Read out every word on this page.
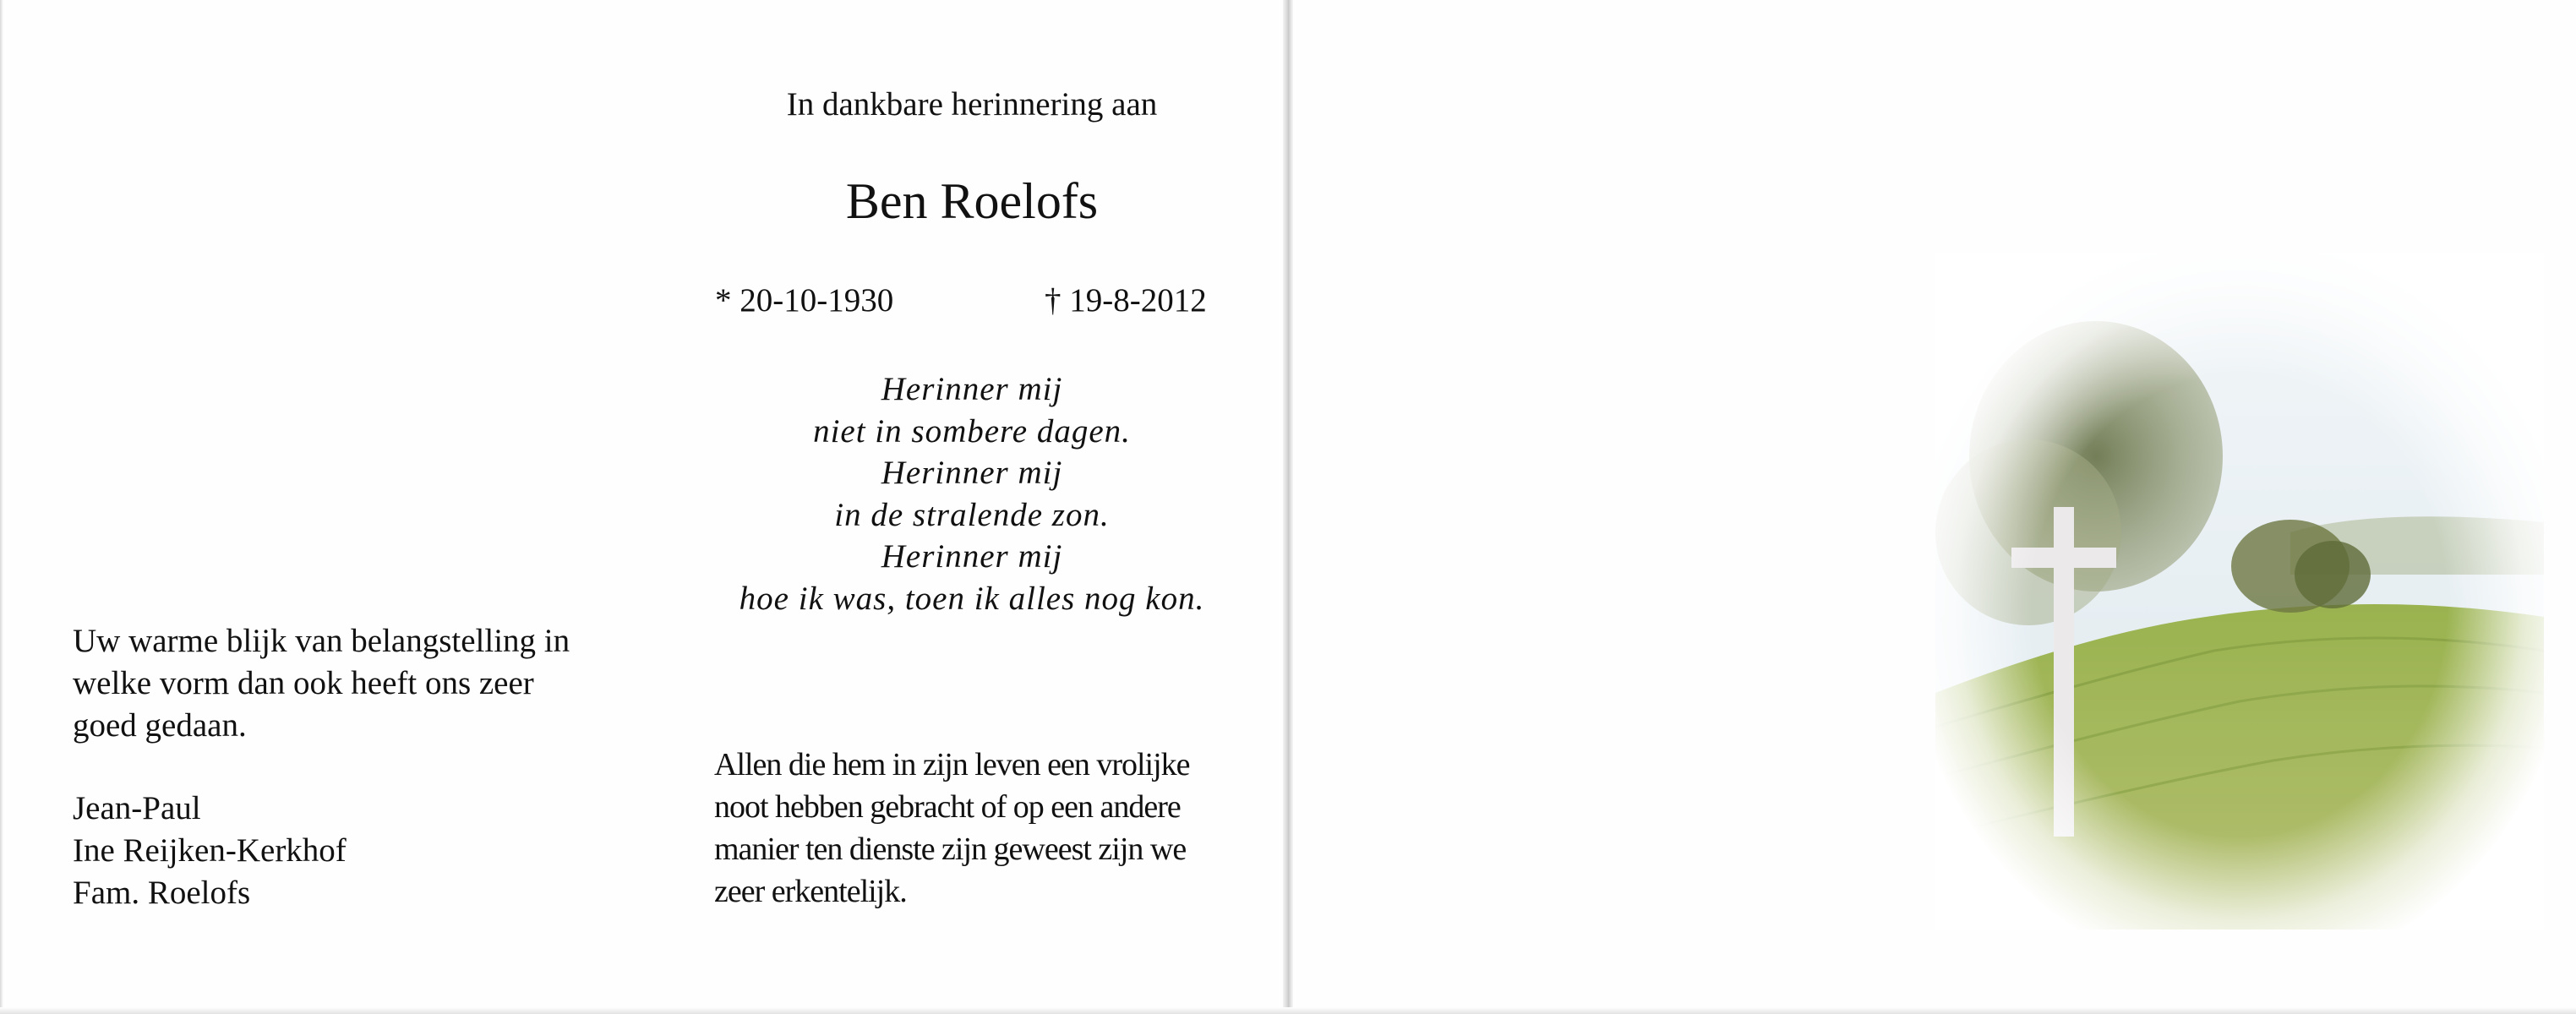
In dankbare herinnering aan
Ben Roelofs
* 20-10-1930	† 19-8-2012
Herinner mij
niet in sombere dagen.
Herinner mij
in de stralende zon.
Herinner mij
hoe ik was, toen ik alles nog kon.
Allen die hem in zijn leven een vrolijke
noot hebben gebracht of op een andere
manier ten dienste zijn geweest zijn we
zeer erkentelijk.
Uw warme blijk van belangstelling in
welke vorm dan ook heeft ons zeer
goed gedaan.
Jean-Paul
Ine Reijken-Kerkhof
Fam. Roelofs
